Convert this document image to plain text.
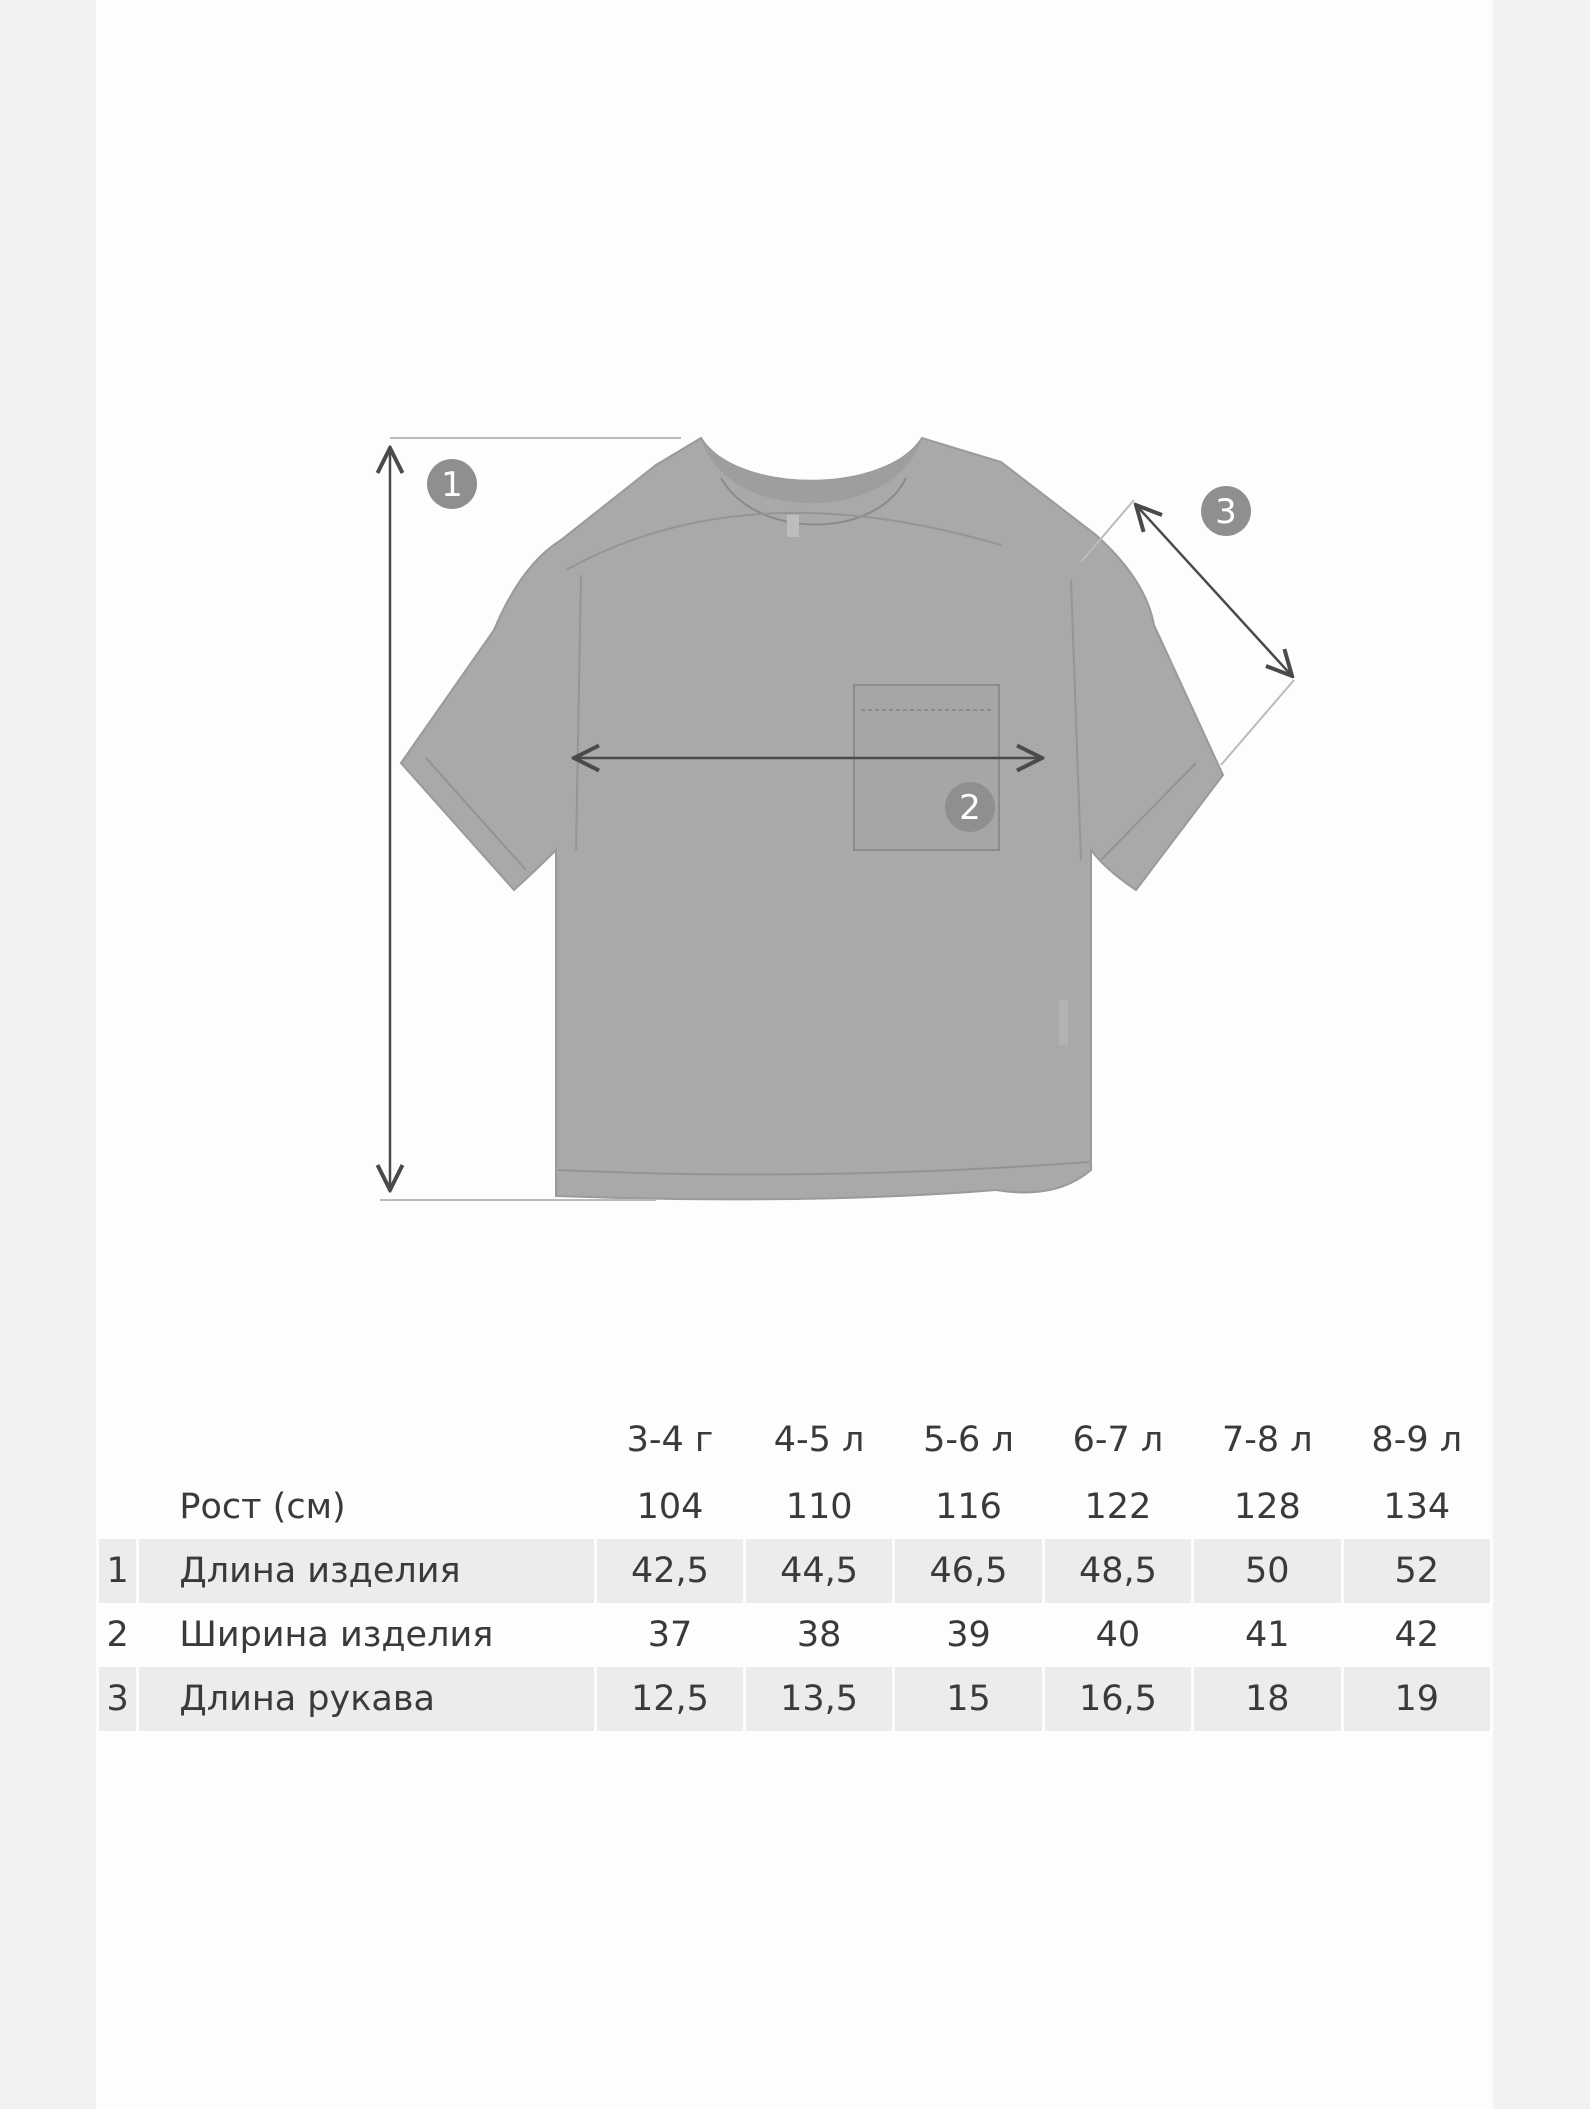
1
2
3
		3-4 г	4-5 л	5-6 л	6-7 л	7-8 л	8-9 л
	Рост (см)	104	110	116	122	128	134
1	Длина изделия	42,5	44,5	46,5	48,5	50	52
2	Ширина изделия	37	38	39	40	41	42
3	Длина рукава	12,5	13,5	15	16,5	18	19
